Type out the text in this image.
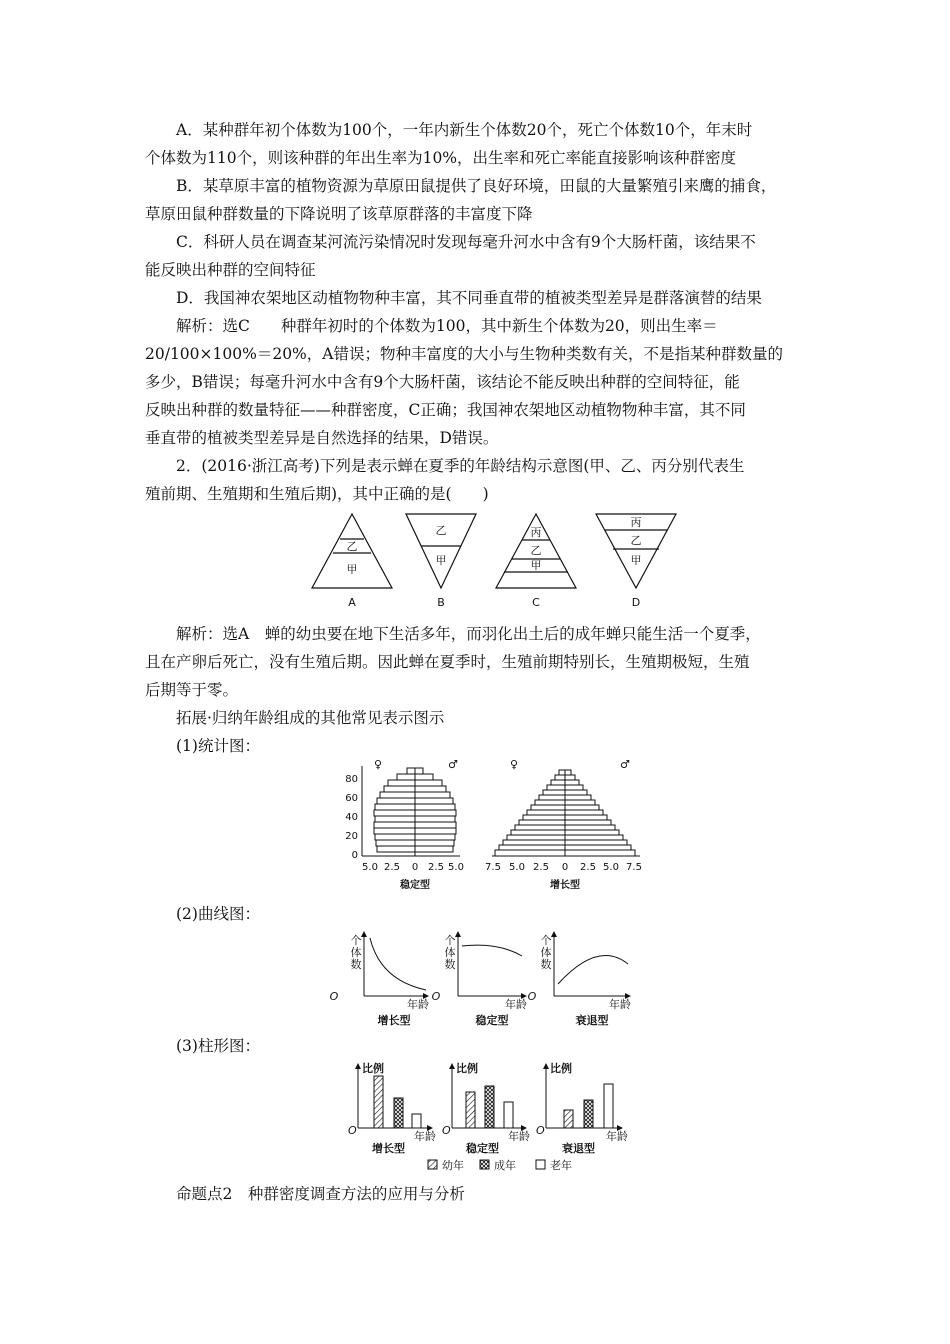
A．某种群年初个体数为100个，一年内新生个体数20个，死亡个体数10个，年末时

个体数为110个，则该种群的年出生率为10%，出生率和死亡率能直接影响该种群密度

B．某草原丰富的植物资源为草原田鼠提供了良好环境，田鼠的大量繁殖引来鹰的捕食，

草原田鼠种群数量的下降说明了该草原群落的丰富度下降

C．科研人员在调查某河流污染情况时发现每毫升河水中含有9个大肠杆菌，该结果不

能反映出种群的空间特征

D．我国神农架地区动植物物种丰富，其不同垂直带的植被类型差异是群落演替的结果

解析：选C　　种群年初时的个体数为100，其中新生个体数为20，则出生率＝

20/100×100%＝20%，A错误；物种丰富度的大小与生物种类数有关，不是指某种群数量的

多少，B错误；每毫升河水中含有9个大肠杆菌，该结论不能反映出种群的空间特征，能

反映出种群的数量特征——种群密度，C正确；我国神农架地区动植物物种丰富，其不同

垂直带的植被类型差异是自然选择的结果，D错误。

2．(2016·浙江高考)下列是表示蝉在夏季的年龄结构示意图(甲、乙、丙分别代表生

殖前期、生殖期和生殖后期)，其中正确的是(　　)

乙
甲
乙
甲
丙
乙
甲
丙
乙
甲
A	B	C	D

解析：选A　蝉的幼虫要在地下生活多年，而羽化出土后的成年蝉只能生活一个夏季，

且在产卵后死亡，没有生殖后期。因此蝉在夏季时，生殖前期特别长，生殖期极短，生殖

后期等于零。

拓展·归纳年龄组成的其他常见表示图示

(1)统计图：

♀	♂	♀	♂
80
60
40
20
0
5.0 2.5 0 2.5 5.0 7.5 5.0 2.5 0 2.5 5.0 7.5
稳定型	增长型

(2)曲线图：

个
体
数
个
体
数
个
体
数
O	O	O
年龄	年龄	年龄
增长型	稳定型	衰退型

(3)柱形图：

比例	比例	比例
O	O	O
年龄	年龄	年龄
增长型	稳定型	衰退型
幼年	成年	老年

命题点2　种群密度调查方法的应用与分析
